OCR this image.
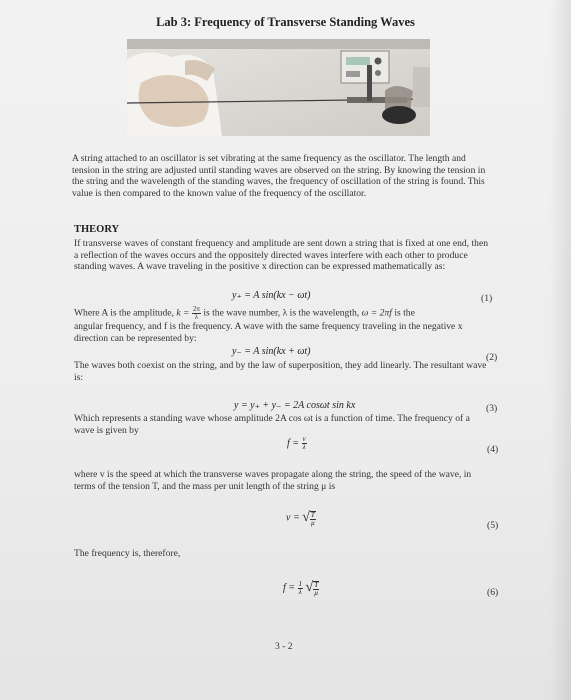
Lab 3: Frequency of Transverse Standing Waves
A string attached to an oscillator is set vibrating at the same frequency as the oscillator. The length and tension in the string are adjusted until standing waves are observed on the string. By knowing the tension in the string and the wavelength of the standing waves, the frequency of oscillation of the string is found. This value is then compared to the known value of the frequency of the oscillator.
THEORY
If transverse waves of constant frequency and amplitude are sent down a string that is fixed at one end, then a reflection of the waves occurs and the oppositely directed waves interfere with each other to produce standing waves. A wave traveling in the positive x direction can be expressed mathematically as:
y₊ = A sin(kx − ωt)	(1)
Where A is the amplitude, $k = \frac{2\pi}{\lambda}$ is the wave number, λ is the wavelength, ω = 2πf is the
angular frequency, and f is the frequency. A wave with the same frequency traveling in the negative x direction can be represented by:
y₋ = A sin(kx + ωt)
(2)
The waves both coexist on the string, and by the law of superposition, they add linearly. The resultant wave is:
y = y₊ + y₋ = 2A cosωt sin kx	(3)
Which represents a standing wave whose amplitude 2A cos ωt is a function of time. The frequency of a wave is given by
$f = \frac{v}{\lambda}$	(4)
where v is the speed at which the transverse waves propagate along the string, the speed of the wave, in terms of the tension T, and the mass per unit length of the string μ is
v = √ $\frac{T}{\mu}$	(5)
The frequency is, therefore,
$f = \frac{1}{\lambda}$ √ $\frac{T}{\mu}$	(6)
3 - 2
